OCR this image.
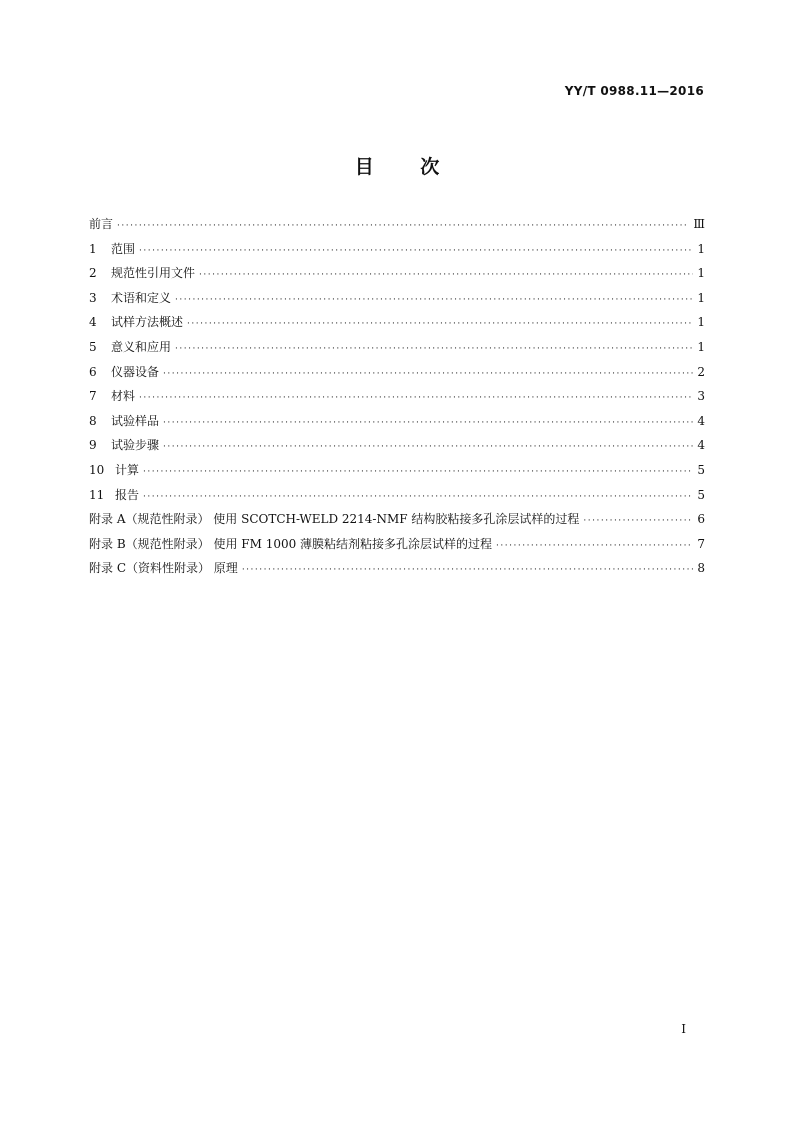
YY/T 0988.11—2016
目 次
前言 ·····	Ⅲ
1	范围 ·····	1
2	规范性引用文件 ·····	1
3	术语和定义 ·····	1
4	试样方法概述 ·····	1
5	意义和应用 ·····	1
6	仪器设备 ·····	2
7	材料 ·····	3
8	试验样品 ·····	4
9	试验步骤 ·····	4
10 计算 ·····	5
11 报告 ·····	5
附录 A（规范性附录） 使用 SCOTCH-WELD 2214-NMF 结构胶粘接多孔涂层试样的过程 ·····	6
附录 B（规范性附录） 使用 FM 1000 薄膜粘结剂粘接多孔涂层试样的过程 ·····	7
附录 C（资料性附录） 原理 ·····	8
I
